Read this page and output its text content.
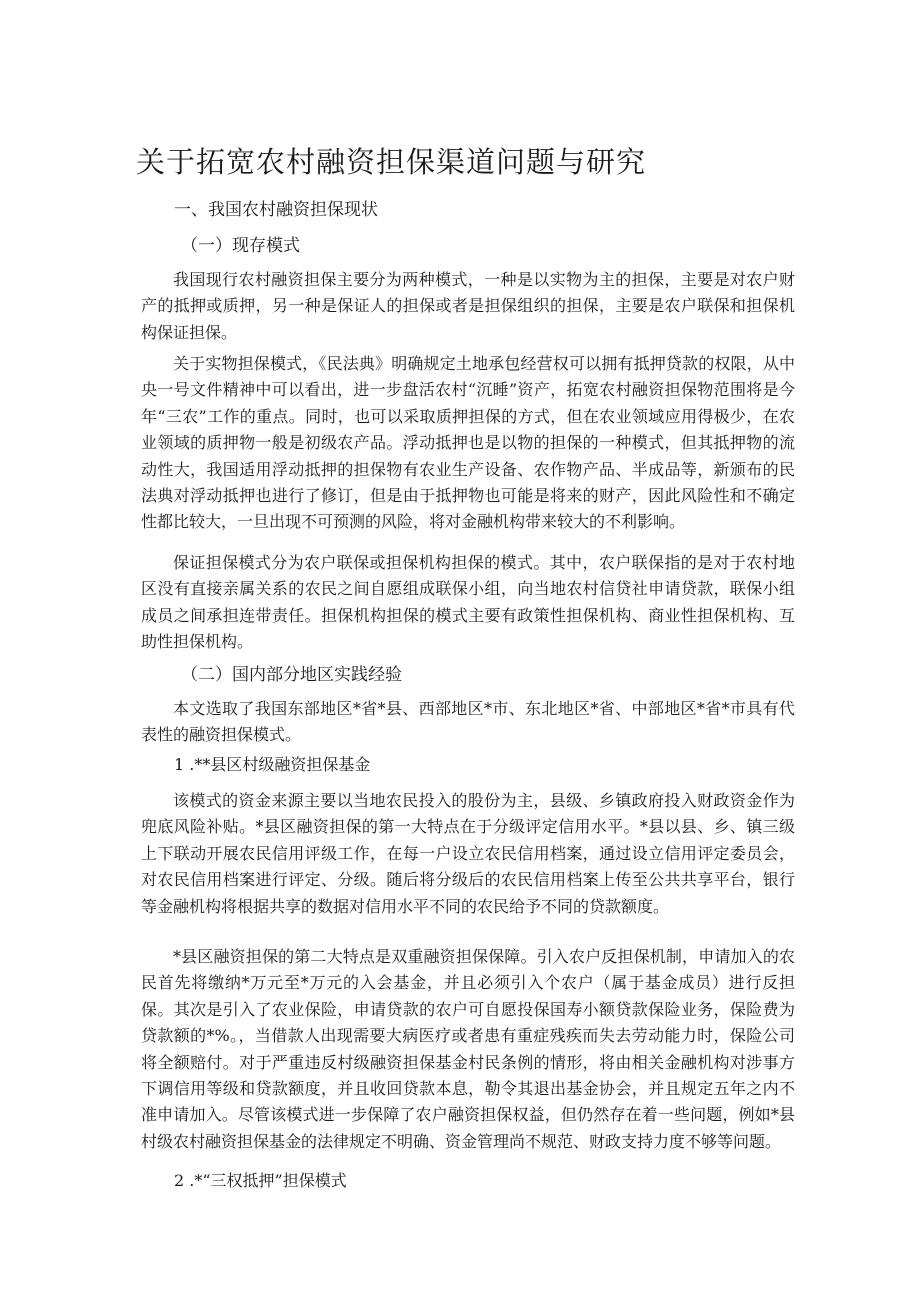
关于拓宽农村融资担保渠道问题与研究
一、我国农村融资担保现状
（一）现存模式

我国现行农村融资担保主要分为两种模式，一种是以实物为主的担保，主要是对农户财产的抵押或质押，另一种是保证人的担保或者是担保组织的担保，主要是农户联保和担保机构保证担保。

关于实物担保模式，《民法典》明确规定土地承包经营权可以拥有抵押贷款的权限，从中央一号文件精神中可以看出，进一步盘活农村“沉睡”资产，拓宽农村融资担保物范围将是今年“三农”工作的重点。同时，也可以采取质押担保的方式，但在农业领域应用得极少，在农业领域的质押物一般是初级农产品。浮动抵押也是以物的担保的一种模式，但其抵押物的流动性大，我国适用浮动抵押的担保物有农业生产设备、农作物产品、半成品等，新颁布的民法典对浮动抵押也进行了修订，但是由于抵押物也可能是将来的财产，因此风险性和不确定性都比较大，一旦出现不可预测的风险，将对金融机构带来较大的不利影响。

保证担保模式分为农户联保或担保机构担保的模式。其中，农户联保指的是对于农村地区没有直接亲属关系的农民之间自愿组成联保小组，向当地农村信贷社申请贷款，联保小组成员之间承担连带责任。担保机构担保的模式主要有政策性担保机构、商业性担保机构、互助性担保机构。

（二）国内部分地区实践经验

本文选取了我国东部地区*省*县、西部地区*市、东北地区*省、中部地区*省*市具有代表性的融资担保模式。

1 .**县区村级融资担保基金

该模式的资金来源主要以当地农民投入的股份为主，县级、乡镇政府投入财政资金作为兜底风险补贴。*县区融资担保的第一大特点在于分级评定信用水平。*县以县、乡、镇三级上下联动开展农民信用评级工作，在每一户设立农民信用档案，通过设立信用评定委员会，对农民信用档案进行评定、分级。随后将分级后的农民信用档案上传至公共共享平台，银行等金融机构将根据共享的数据对信用水平不同的农民给予不同的贷款额度。

*县区融资担保的第二大特点是双重融资担保保障。引入农户反担保机制，申请加入的农民首先将缴纳*万元至*万元的入会基金，并且必须引入个农户（属于基金成员）进行反担保。其次是引入了农业保险，申请贷款的农户可自愿投保国寿小额贷款保险业务，保险费为贷款额的*%。，当借款人出现需要大病医疗或者患有重症残疾而失去劳动能力时，保险公司将全额赔付。对于严重违反村级融资担保基金村民条例的情形，将由相关金融机构对涉事方下调信用等级和贷款额度，并且收回贷款本息，勒令其退出基金协会，并且规定五年之内不准申请加入。尽管该模式进一步保障了农户融资担保权益，但仍然存在着一些问题，例如*县村级农村融资担保基金的法律规定不明确、资金管理尚不规范、财政支持力度不够等问题。

2 .*“三权抵押”担保模式
